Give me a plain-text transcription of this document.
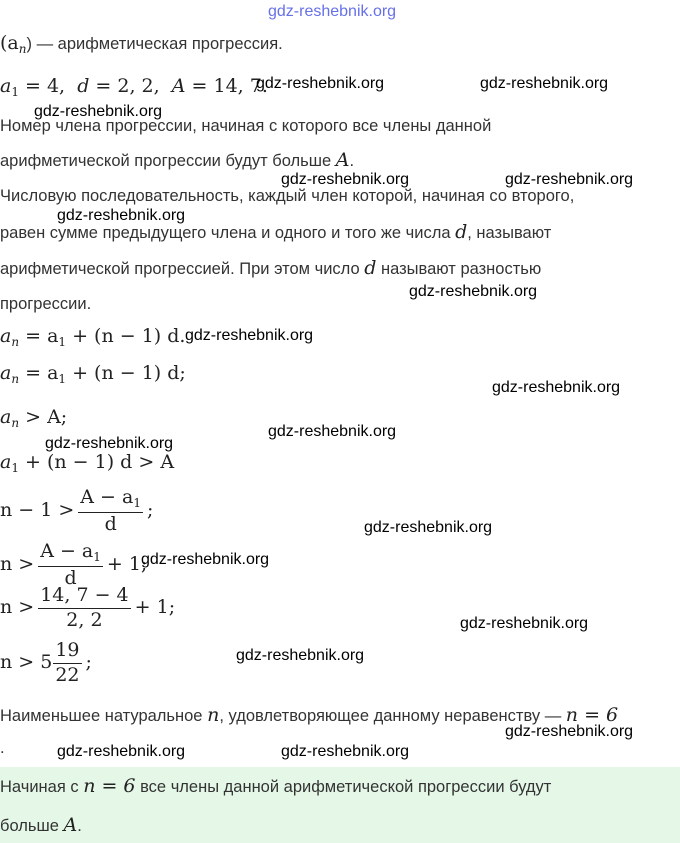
gdz-reshebnik.org
$(a_n)$ — арифметическая прогрессия.
$a_1 = 4$, d = 2, 2, A = 14, 7.
gdz-reshebnik.org	gdz-reshebnik.org
gdz-reshebnik.org
Номер члена прогрессии, начиная с которого все члены данной
арифметической прогрессии будут больше A.
gdz-reshebnik.org	gdz-reshebnik.org
Числовую последовательность, каждый член которой, начиная со второго,
gdz-reshebnik.org
равен сумме предыдущего члена и одного и того же числа d, называют
арифметической прогрессией. При этом число d называют разностью
gdz-reshebnik.org
прогрессии.
$a_n = a_1 + (n - 1)$ d. gdz-reshebnik.org
$a_n = a_1 + (n - 1)$ d;
gdz-reshebnik.org
$a_n > A$;
gdz-reshebnik.org
gdz-reshebnik.org
$a_1 + (n - 1) d > A$
$n - 1 > \frac{A - a_1}{d}$ ;
gdz-reshebnik.org
$n > \frac{A - a_1}{d} + 1$;
gdz-reshebnik.org
$n > \frac{14, 7 - 4}{2, 2} + 1$;
gdz-reshebnik.org
$n > 5 \frac{19}{22}$ ;	gdz-reshebnik.org
Наименьшее натуральное n, удовлетворяющее данному неравенству — n = 6
.
gdz-reshebnik.org
gdz-reshebnik.org	gdz-reshebnik.org
Начиная с n = 6 все члены данной арифметической прогрессии будут
больше A.
